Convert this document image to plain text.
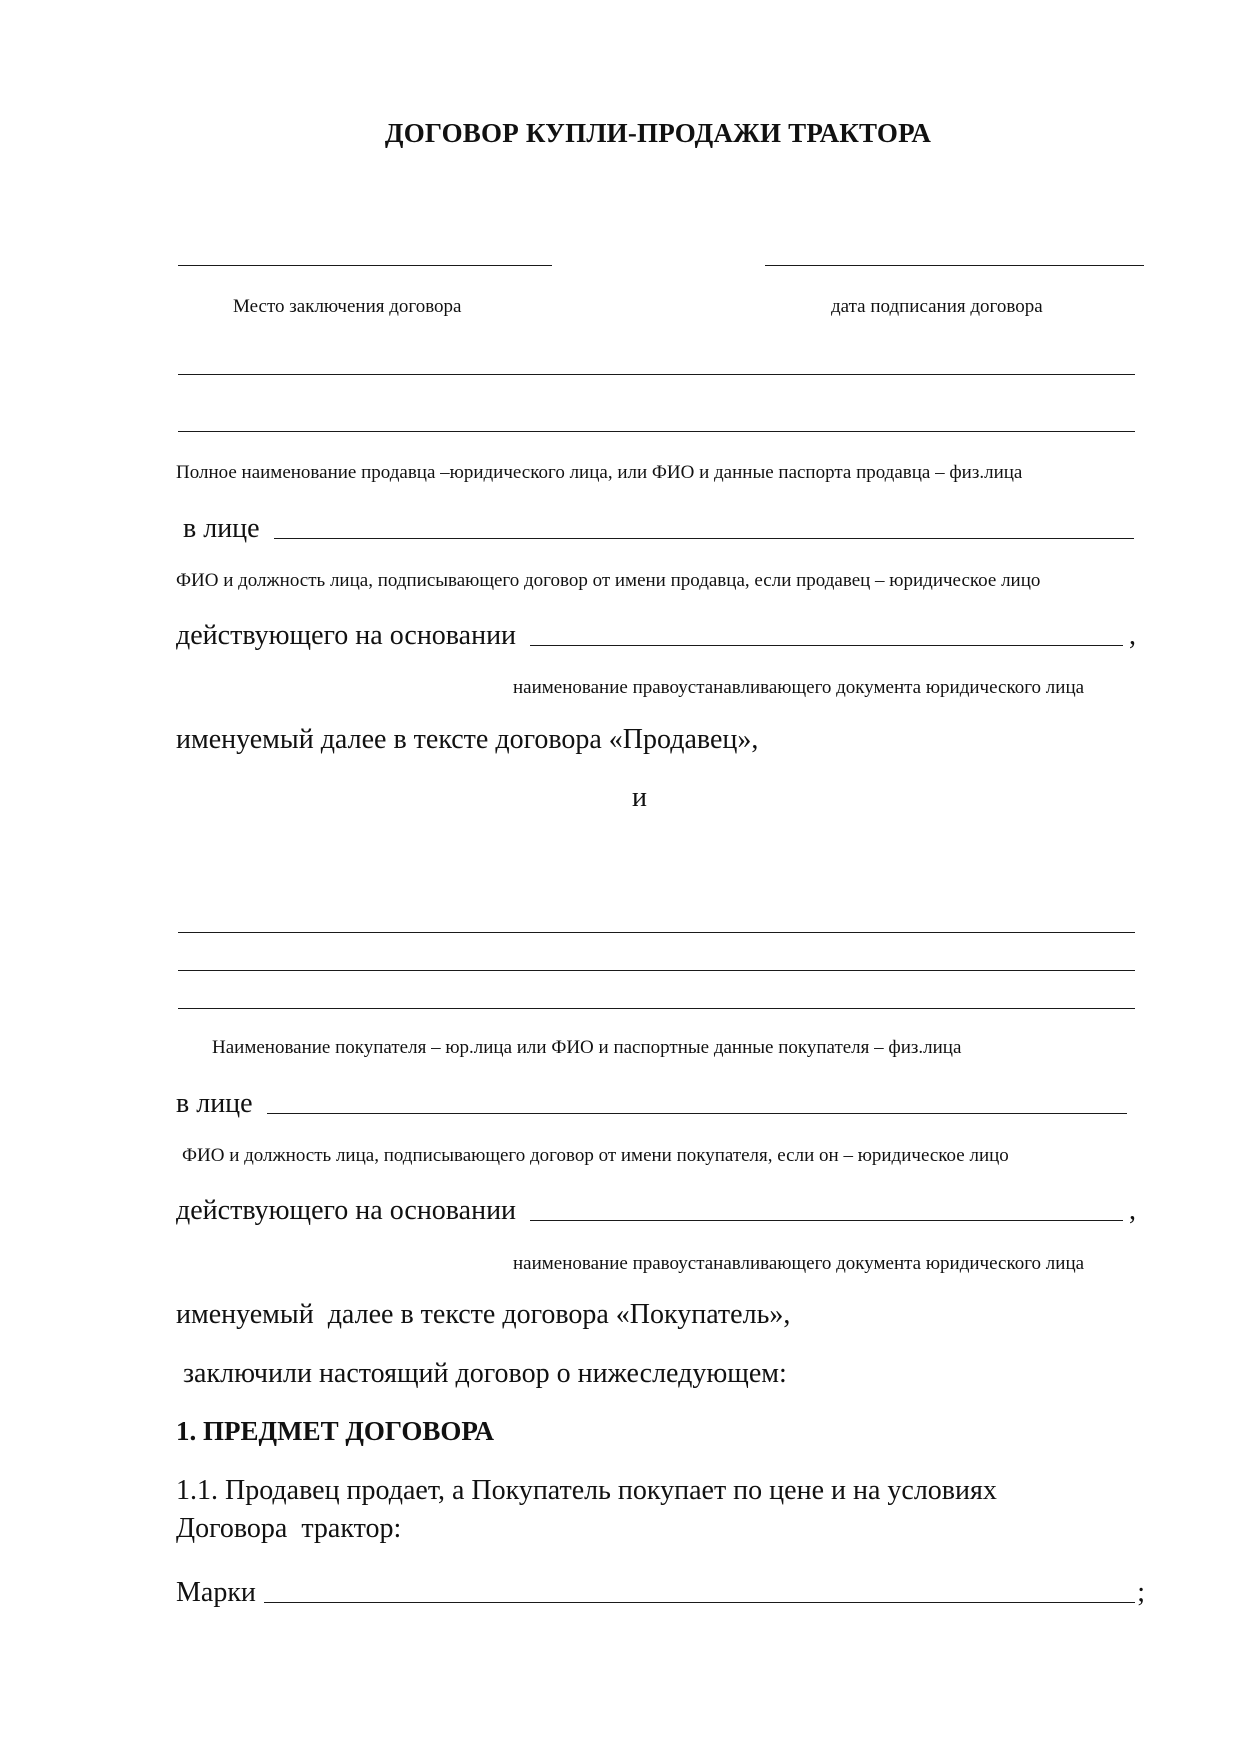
ДОГОВОР КУПЛИ-ПРОДАЖИ ТРАКТОРА
Место заключения договора	дата подписания договора
Полное наименование продавца –юридического лица, или ФИО и данные паспорта продавца – физ.лица
в лице
ФИО и должность лица, подписывающего договор от имени продавца, если продавец – юридическое лицо
действующего на основании	,
наименование правоустанавливающего документа юридического лица
именуемый далее в тексте договора «Продавец»,
и
Наименование покупателя – юр.лица или ФИО и паспортные данные покупателя – физ.лица
в лице
ФИО и должность лица, подписывающего договор от имени покупателя, если он – юридическое лицо
действующего на основании	,
наименование правоустанавливающего документа юридического лица
именуемый  далее в тексте договора «Покупатель»,
заключили настоящий договор о нижеследующем:
1. ПРЕДМЕТ ДОГОВОРА
1.1. Продавец продает, а Покупатель покупает по цене и на условиях
Договора  трактор:
Марки	;
